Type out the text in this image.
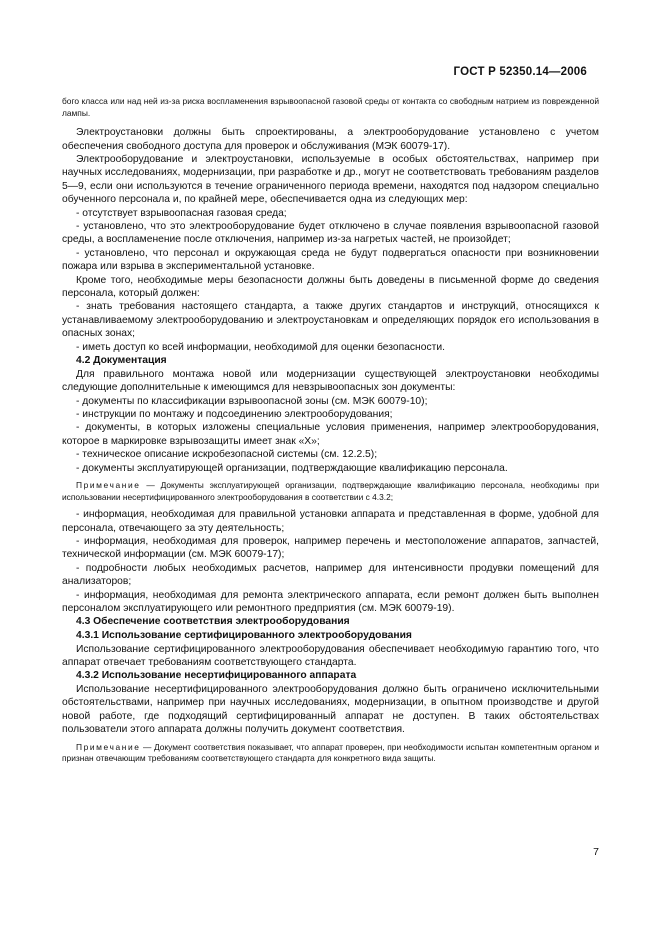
ГОСТ Р 52350.14—2006

бого класса или над ней из-за риска воспламенения взрывоопасной газовой среды от контакта со свободным натрием из поврежденной лампы.

Электроустановки должны быть спроектированы, а электрооборудование установлено с учетом обеспечения свободного доступа для проверок и обслуживания (МЭК 60079-17).

Электрооборудование и электроустановки, используемые в особых обстоятельствах, например при научных исследованиях, модернизации, при разработке и др., могут не соответствовать требованиям разделов 5—9, если они используются в течение ограниченного периода времени, находятся под надзором специально обученного персонала и, по крайней мере, обеспечивается одна из следующих мер:

- отсутствует взрывоопасная газовая среда;

- установлено, что это электрооборудование будет отключено в случае появления взрывоопасной газовой среды, а воспламенение после отключения, например из-за нагретых частей, не произойдет;

- установлено, что персонал и окружающая среда не будут подвергаться опасности при возникновении пожара или взрыва в экспериментальной установке.

Кроме того, необходимые меры безопасности должны быть доведены в письменной форме до сведения персонала, который должен:

- знать требования настоящего стандарта, а также других стандартов и инструкций, относящихся к устанавливаемому электрооборудованию и электроустановкам и определяющих порядок его использования в опасных зонах;

- иметь доступ ко всей информации, необходимой для оценки безопасности.

4.2 Документация

Для правильного монтажа новой или модернизации существующей электроустановки необходимы следующие дополнительные к имеющимся для невзрывоопасных зон документы:

- документы по классификации взрывоопасной зоны (см. МЭК 60079-10);

- инструкции по монтажу и подсоединению электрооборудования;

- документы, в которых изложены специальные условия применения, например электрооборудования, которое в маркировке взрывозащиты имеет знак «X»;

- техническое описание искробезопасной системы (см. 12.2.5);

- документы эксплуатирующей организации, подтверждающие квалификацию персонала.

Примечание — Документы эксплуатирующей организации, подтверждающие квалификацию персонала, необходимы при использовании несертифицированного электрооборудования в соответствии с 4.3.2;

- информация, необходимая для правильной установки аппарата и представленная в форме, удобной для персонала, отвечающего за эту деятельность;

- информация, необходимая для проверок, например перечень и местоположение аппаратов, запчастей, технической информации (см. МЭК 60079-17);

- подробности любых необходимых расчетов, например для интенсивности продувки помещений для анализаторов;

- информация, необходимая для ремонта электрического аппарата, если ремонт должен быть выполнен персоналом эксплуатирующего или ремонтного предприятия (см. МЭК 60079-19).

4.3 Обеспечение соответствия электрооборудования

4.3.1 Использование сертифицированного электрооборудования

Использование сертифицированного электрооборудования обеспечивает необходимую гарантию того, что аппарат отвечает требованиям соответствующего стандарта.

4.3.2 Использование несертифицированного аппарата

Использование несертифицированного электрооборудования должно быть ограничено исключительными обстоятельствами, например при научных исследованиях, модернизации, в опытном производстве и другой новой работе, где подходящий сертифицированный аппарат не доступен. В таких обстоятельствах пользователи этого аппарата должны получить документ соответствия.

Примечание — Документ соответствия показывает, что аппарат проверен, при необходимости испытан компетентным органом и признан отвечающим требованиям соответствующего стандарта для конкретного вида защиты.

7
